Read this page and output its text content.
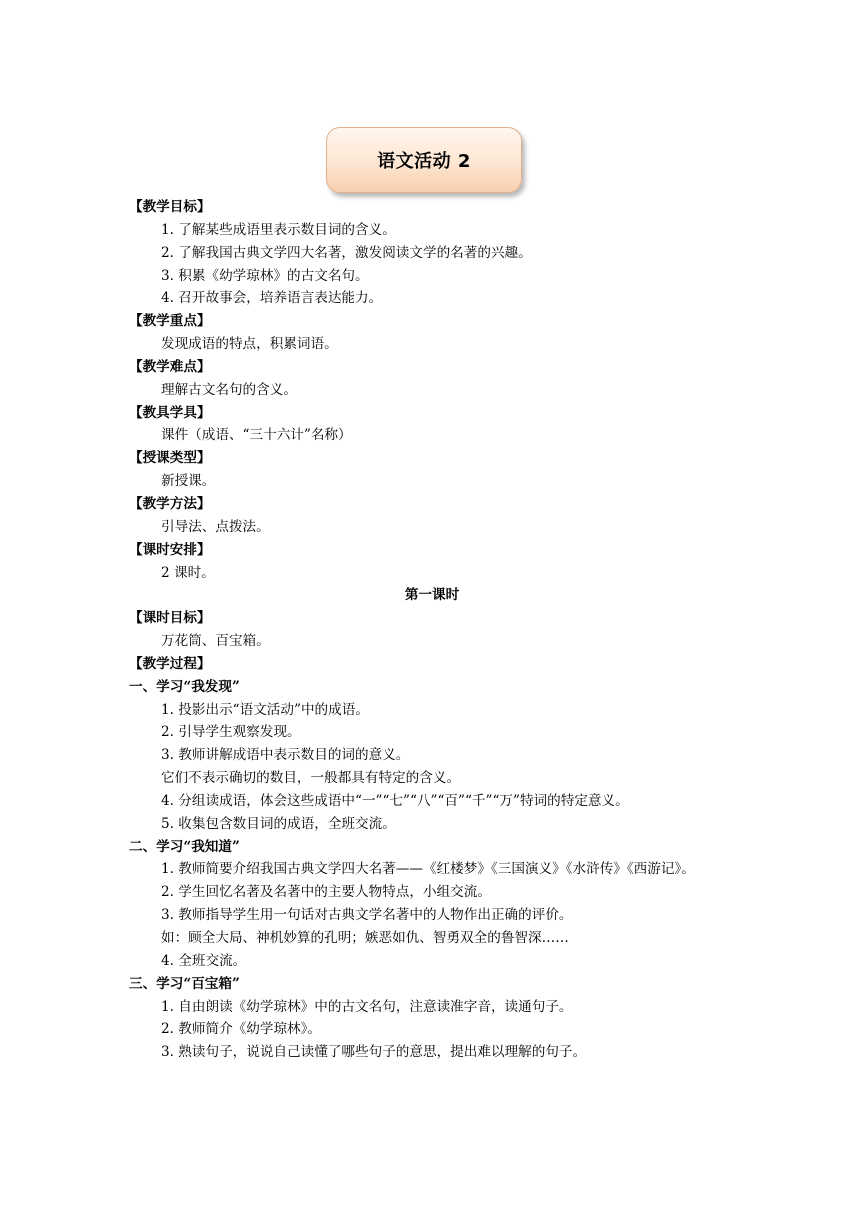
语文活动 2
【教学目标】
1. 了解某些成语里表示数目词的含义。
2. 了解我国古典文学四大名著，激发阅读文学的名著的兴趣。
3. 积累《幼学琼林》的古文名句。
4. 召开故事会，培养语言表达能力。
【教学重点】
发现成语的特点，积累词语。
【教学难点】
理解古文名句的含义。
【教具学具】
课件（成语、“三十六计”名称）
【授课类型】
新授课。
【教学方法】
引导法、点拨法。
【课时安排】
2 课时。
第一课时
【课时目标】
万花筒、百宝箱。
【教学过程】
一、学习“我发现”
1. 投影出示“语文活动”中的成语。
2. 引导学生观察发现。
3. 教师讲解成语中表示数目的词的意义。
它们不表示确切的数目，一般都具有特定的含义。
4. 分组读成语，体会这些成语中“一”“七”“八”“百”“千”“万”特词的特定意义。
5. 收集包含数目词的成语，全班交流。
二、学习“我知道”
1. 教师简要介绍我国古典文学四大名著——《红楼梦》《三国演义》《水浒传》《西游记》。
2. 学生回忆名著及名著中的主要人物特点，小组交流。
3. 教师指导学生用一句话对古典文学名著中的人物作出正确的评价。
如：顾全大局、神机妙算的孔明；嫉恶如仇、智勇双全的鲁智深……
4. 全班交流。
三、学习“百宝箱”
1. 自由朗读《幼学琼林》中的古文名句，注意读准字音，读通句子。
2. 教师简介《幼学琼林》。
3. 熟读句子，说说自己读懂了哪些句子的意思，提出难以理解的句子。
